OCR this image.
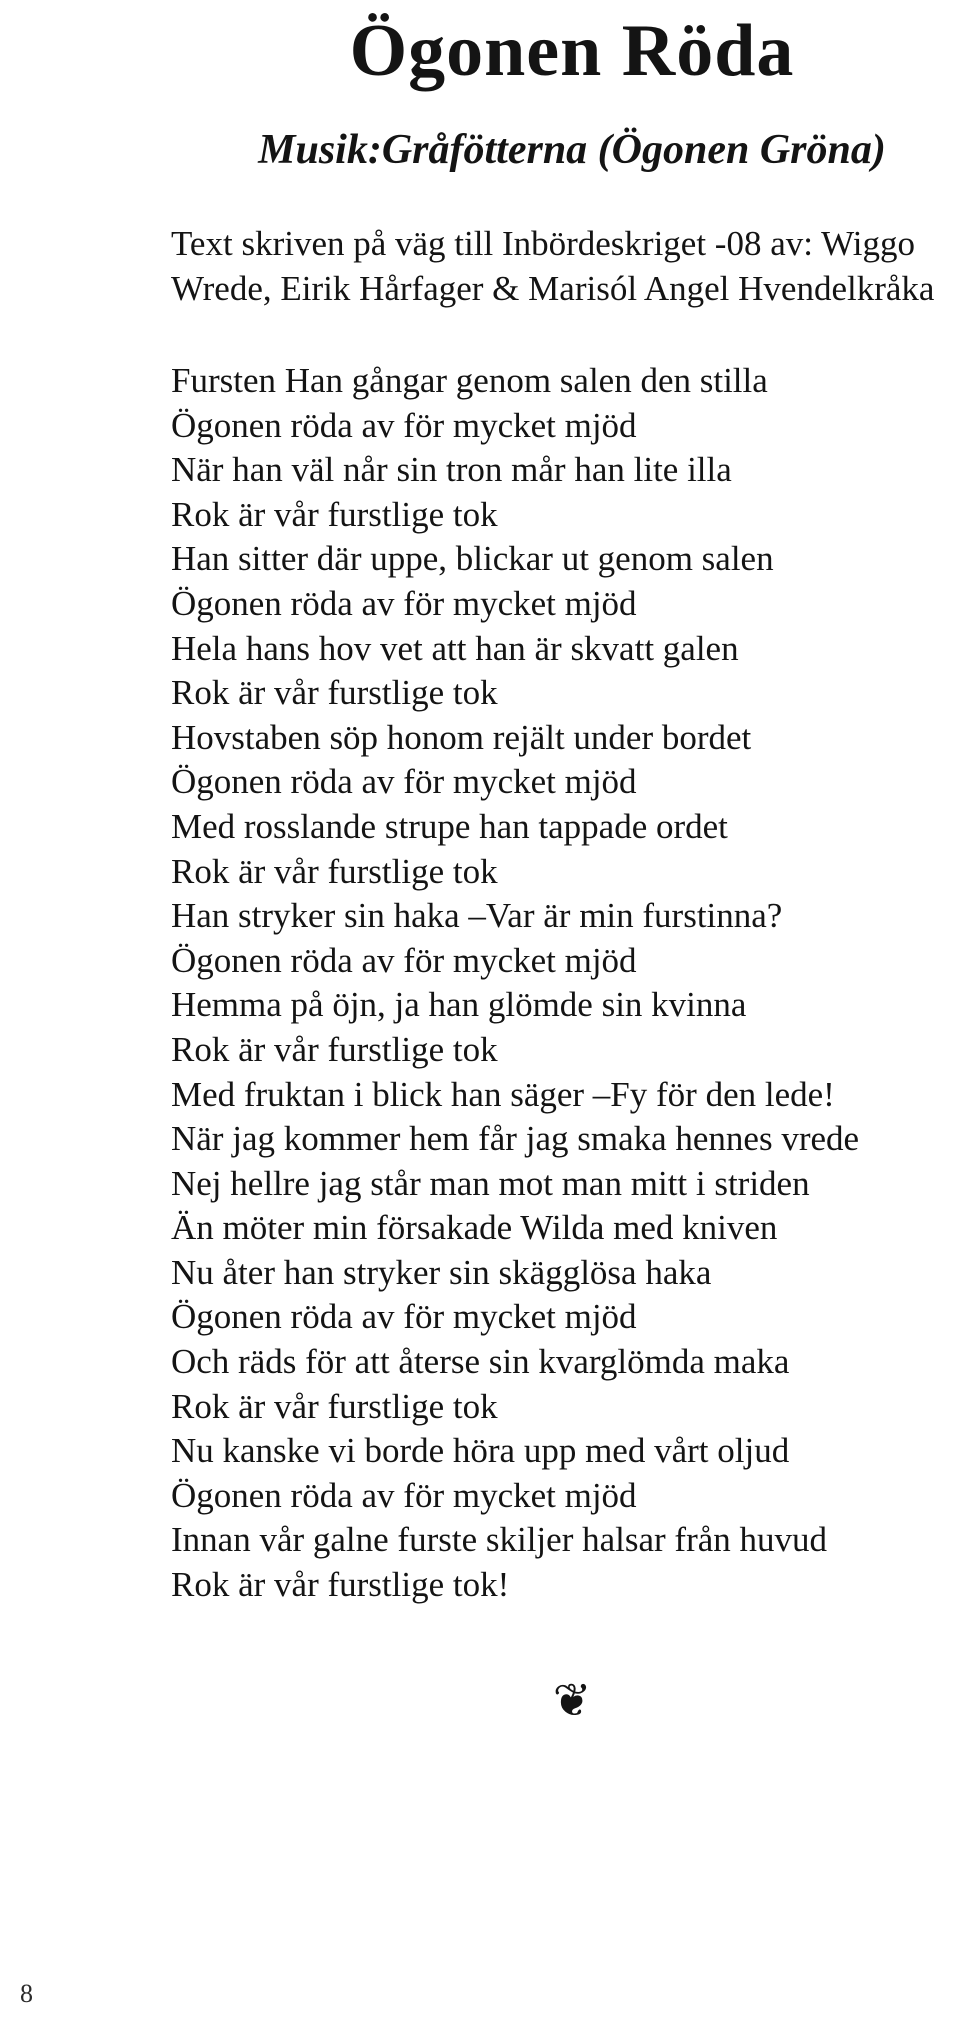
Ögonen Röda
Musik:Gråfötterna (Ögonen Gröna)
Text skriven på väg till Inbördeskriget -08 av: Wiggo
Wrede, Eirik Hårfager & Marisól Angel Hvendelkråka
Fursten Han gångar genom salen den stilla
Ögonen röda av för mycket mjöd
När han väl når sin tron mår han lite illa
Rok är vår furstlige tok
Han sitter där uppe, blickar ut genom salen
Ögonen röda av för mycket mjöd
Hela hans hov vet att han är skvatt galen
Rok är vår furstlige tok
Hovstaben söp honom rejält under bordet
Ögonen röda av för mycket mjöd
Med rosslande strupe han tappade ordet
Rok är vår furstlige tok
Han stryker sin haka –Var är min furstinna?
Ögonen röda av för mycket mjöd
Hemma på öjn, ja han glömde sin kvinna
Rok är vår furstlige tok
Med fruktan i blick han säger –Fy för den lede!
När jag kommer hem får jag smaka hennes vrede
Nej hellre jag står man mot man mitt i striden
Än möter min försakade Wilda med kniven
Nu åter han stryker sin skägglösa haka
Ögonen röda av för mycket mjöd
Och räds för att återse sin kvarglömda maka
Rok är vår furstlige tok
Nu kanske vi borde höra upp med vårt oljud
Ögonen röda av för mycket mjöd
Innan vår galne furste skiljer halsar från huvud
Rok är vår furstlige tok!
❦
8
